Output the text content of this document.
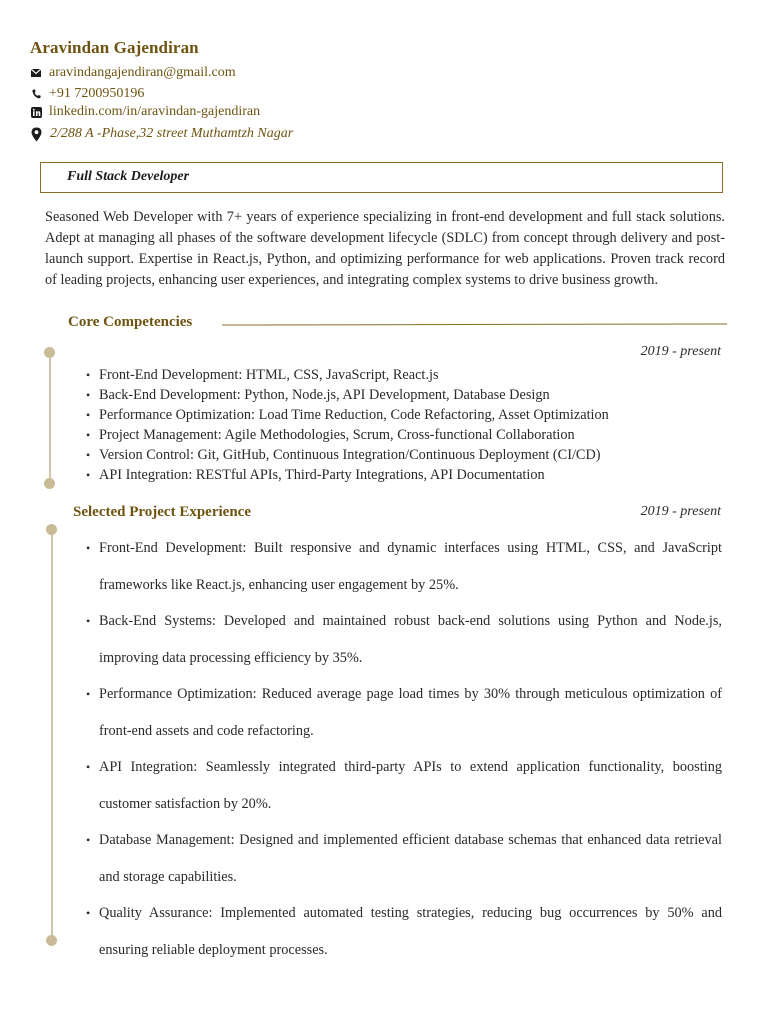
Aravindan Gajendiran
aravindangajendiran@gmail.com
+91 7200950196
linkedin.com/in/aravindan-gajendiran
2/288 A -Phase,32 street Muthamtzh Nagar
Full Stack Developer
Seasoned Web Developer with 7+ years of experience specializing in front-end development and full stack solutions. Adept at managing all phases of the software development lifecycle (SDLC) from concept through delivery and post-launch support. Expertise in React.js, Python, and optimizing performance for web applications. Proven track record of leading projects, enhancing user experiences, and integrating complex systems to drive business growth.
Core Competencies
2019 - present
• Front-End Development: HTML, CSS, JavaScript, React.js
• Back-End Development: Python, Node.js, API Development, Database Design
• Performance Optimization: Load Time Reduction, Code Refactoring, Asset Optimization
• Project Management: Agile Methodologies, Scrum, Cross-functional Collaboration
• Version Control: Git, GitHub, Continuous Integration/Continuous Deployment (CI/CD)
• API Integration: RESTful APIs, Third-Party Integrations, API Documentation
Selected Project Experience	2019 - present
• Front-End Development: Built responsive and dynamic interfaces using HTML, CSS, and JavaScript frameworks like React.js, enhancing user engagement by 25%.
• Back-End Systems: Developed and maintained robust back-end solutions using Python and Node.js, improving data processing efficiency by 35%.
• Performance Optimization: Reduced average page load times by 30% through meticulous optimization of front-end assets and code refactoring.
• API Integration: Seamlessly integrated third-party APIs to extend application functionality, boosting customer satisfaction by 20%.
• Database Management: Designed and implemented efficient database schemas that enhanced data retrieval and storage capabilities.
• Quality Assurance: Implemented automated testing strategies, reducing bug occurrences by 50% and ensuring reliable deployment processes.
